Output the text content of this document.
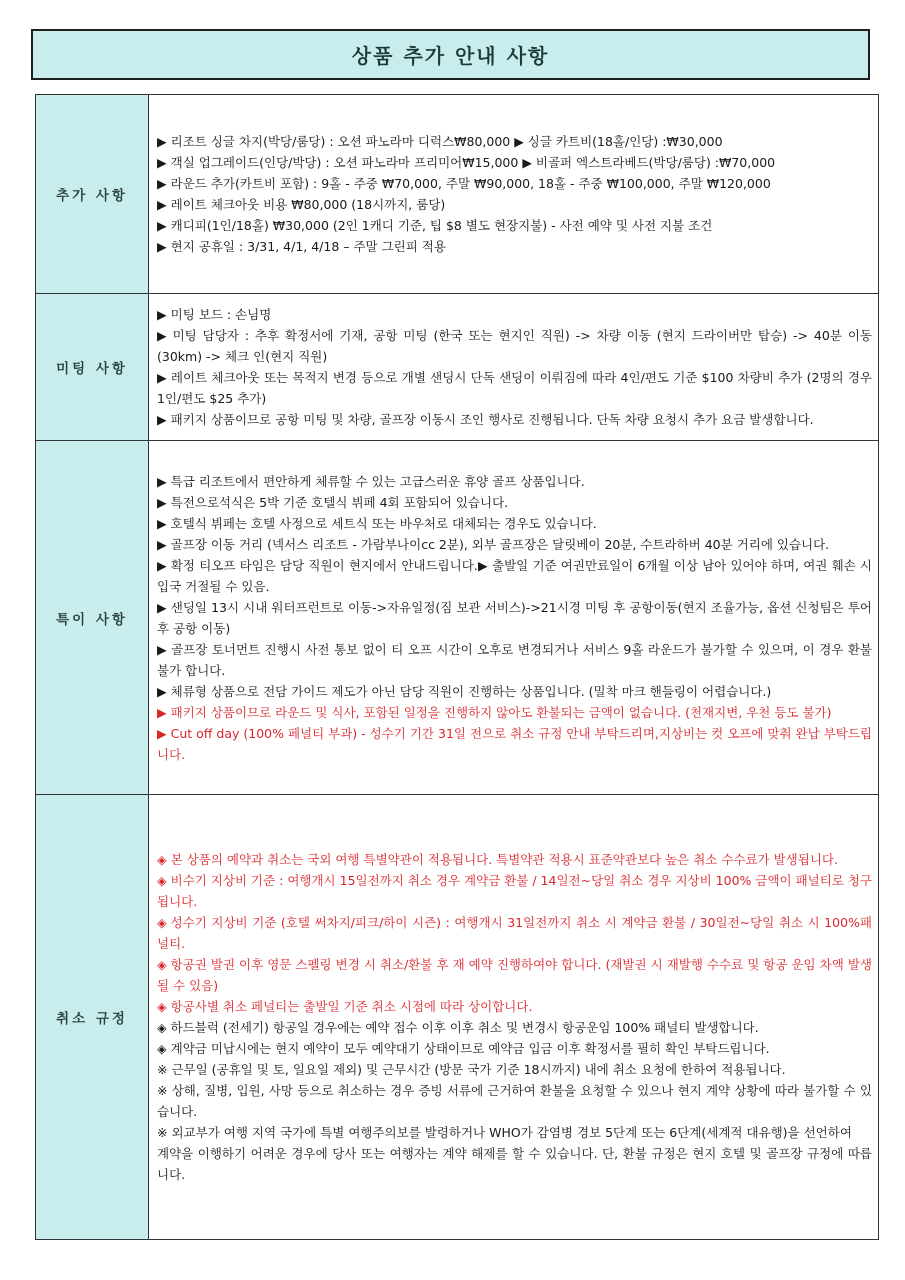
상품 추가 안내 사항
추가 사항	
▶ 리조트 싱글 차지(박당/룸당) : 오션 파노라마 디럭스₩80,000 ▶ 싱글 카트비(18홀/인당) :₩30,000
▶ 객실 업그레이드(인당/박당) : 오션 파노라마 프리미어₩15,000 ▶ 비골퍼 엑스트라베드(박당/룸당) :₩70,000
▶ 라운드 추가(카트비 포함) : 9홀 - 주중 ₩70,000, 주말 ₩90,000, 18홀 - 주중 ₩100,000, 주말 ₩120,000
▶ 레이트 체크아웃 비용 ₩80,000 (18시까지, 룸당)
▶ 캐디피(1인/18홀) ₩30,000 (2인 1캐디 기준, 팁 $8 별도 현장지불) - 사전 예약 및 사전 지불 조건
▶ 현지 공휴일 : 3/31, 4/1, 4/18 – 주말 그린피 적용

미팅 사항	▶ 미팅 보드 : 손님명
▶ 미팅 담당자 : 추후 확정서에 기재, 공항 미팅 (한국 또는 현지인 직원) -> 차량 이동 (현지 드라이버만 탑승) -> 40분 이동 (30km) -> 체크 인(현지 직원)
▶ 레이트 체크아웃 또는 목적지 변경 등으로 개별 샌딩시 단독 샌딩이 이뤄짐에 따라 4인/편도 기준 $100 차량비 추가 (2명의 경우 1인/편도 $25 추가)
▶ 패키지 상품이므로 공항 미팅 및 차량, 골프장 이동시 조인 행사로 진행됩니다. 단독 차량 요청시 추가 요금 발생합니다.

특이 사항	
▶ 특급 리조트에서 편안하게 체류할 수 있는 고급스러운 휴양 골프 상품입니다.
▶ 특전으로석식은 5박 기준 호텔식 뷔페 4회 포함되어 있습니다.
▶ 호텔식 뷔페는 호텔 사정으로 세트식 또는 바우처로 대체되는 경우도 있습니다.
▶ 골프장 이동 거리 (넥서스 리조트 - 가람부나이cc 2분), 외부 골프장은 달릿베이 20분, 수트라하버 40분 거리에 있습니다.
▶ 확정 티오프 타임은 담당 직원이 현지에서 안내드립니다.▶ 출발일 기준 여권만료일이 6개월 이상 남아 있어야 하며, 여권 훼손 시 입국 거절될 수 있음.
▶ 샌딩일 13시 시내 워터프런트로 이동->자유일정(짐 보관 서비스)->21시경 미팅 후 공항이동(현지 조율가능, 옵션 신청팀은 투어후 공항 이동)
▶ 골프장 토너먼트 진행시 사전 통보 없이 티 오프 시간이 오후로 변경되거나 서비스 9홀 라운드가 불가할 수 있으며, 이 경우 환불 불가 합니다.
▶ 체류형 상품으로 전담 가이드 제도가 아닌 담당 직원이 진행하는 상품입니다. (밀착 마크 핸들링이 어렵습니다.)
▶ 패키지 상품이므로 라운드 및 식사, 포함된 일정을 진행하지 않아도 환불되는 금액이 없습니다. (천재지변, 우천 등도 불가)
▶ Cut off day (100% 페널티 부과) - 성수기 기간 31일 전으로 취소 규정 안내 부탁드리며,지상비는 컷 오프에 맞춰 완납 부탁드립니다.

취소 규정	
◈ 본 상품의 예약과 취소는 국외 여행 특별약관이 적용됩니다. 특별약관 적용시 표준약관보다 높은 취소 수수료가 발생됩니다.
◈ 비수기 지상비 기준 : 여행개시 15일전까지 취소 경우 계약금 환불 / 14일전~당일 취소 경우 지상비 100% 금액이 패널티로 청구됩니다.
◈ 성수기 지상비 기준 (호텔 써차지/피크/하이 시즌) : 여행개시 31일전까지 취소 시 계약금 환불 / 30일전~당일 취소 시 100%패널티.
◈ 항공권 발권 이후 영문 스펠링 변경 시 취소/환불 후 재 예약 진행하여야 합니다. (재발권 시 재발행 수수료 및 항공 운임 차액 발생 될 수 있음)
◈ 항공사별 취소 페널티는 출발일 기준 취소 시점에 따라 상이합니다.
◈ 하드블럭 (전세기) 항공일 경우에는 예약 접수 이후 이후 취소 및 변경시 항공운임 100% 패널티 발생합니다.
◈ 계약금 미납시에는 현지 예약이 모두 예약대기 상태이므로 예약금 입금 이후 확정서를 필히 확인 부탁드립니다.
※ 근무일 (공휴일 및 토, 일요일 제외) 및 근무시간 (방문 국가 기준 18시까지) 내에 취소 요청에 한하여 적용됩니다.
※ 상해, 질병, 입원, 사망 등으로 취소하는 경우 증빙 서류에 근거하여 환불을 요청할 수 있으나 현지 계약 상황에 따라 불가할 수 있습니다.
※ 외교부가 여행 지역 국가에 특별 여행주의보를 발령하거나 WHO가 감염병 경보 5단계 또는 6단계(세계적 대유행)을 선언하여
계약을 이행하기 어려운 경우에 당사 또는 여행자는 계약 해제를 할 수 있습니다. 단, 환불 규정은 현지 호텔 및 골프장 규정에 따릅니다.
